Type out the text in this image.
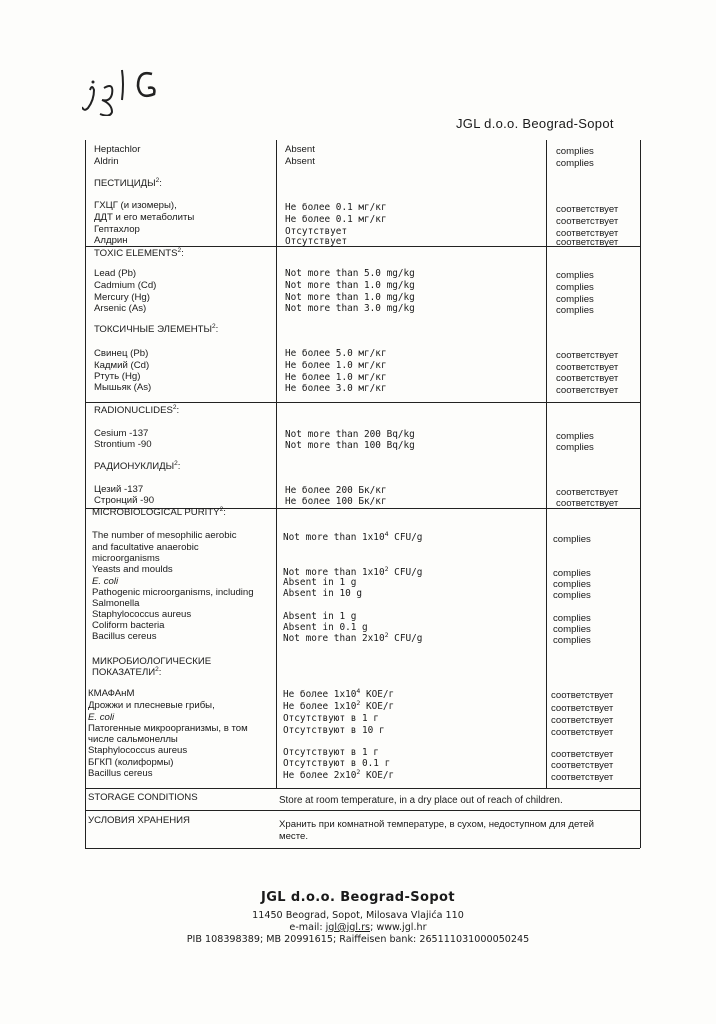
JGL d.o.o. Beograd-Sopot
Heptachlor	Absent	complies
Aldrin	Absent	complies
ПЕСТИЦИДЫ$^2$:
ГХЦГ (и изомеры),	Не более 0.1 мг/кг	соответствует
ДДТ и его метаболиты	Не более 0.1 мг/кг	соответствует
Гептахлор	Отсутствует	соответствует
Алдрин	Отсутствует	соответствует
TOXIC ELEMENTS$^2$:
Lead (Pb)	Not more than 5.0 mg/kg	complies
Cadmium (Cd)	Not more than 1.0 mg/kg	complies
Mercury (Hg)	Not more than 1.0 mg/kg	complies
Arsenic (As)	Not more than 3.0 mg/kg	complies
ТОКСИЧНЫЕ ЭЛЕМЕНТЫ$^2$:
Свинец (Pb)	Не более 5.0 мг/кг	соответствует
Кадмий (Cd)	Не более 1.0 мг/кг	соответствует
Ртуть (Hg)	Не более 1.0 мг/кг	соответствует
Мышьяк (As)	Не более 3.0 мг/кг	соответствует
RADIONUCLIDES$^2$:
Cesium -137	Not more than 200 Bq/kg	complies
Strontium -90	Not more than 100 Bq/kg	complies
РАДИОНУКЛИДЫ$^2$:
Цезий -137	Не более 200 Бк/кг	соответствует
Стронций -90	Не более 100 Бк/кг	соответствует
MICROBIOLOGICAL PURITY$^2$:
The number of mesophilic aerobic
and facultative anaerobic
microorganisms
Not more than $1x10^4$ CFU/g	complies
Yeasts and moulds	Not more than $1x10^2$ CFU/g	complies
E. coli	Absent in 1 g	complies
Pathogenic microorganisms, including
Salmonella
Absent in 10 g	complies
Staphylococcus aureus	Absent in 1 g	complies
Coliform bacteria	Absent in 0.1 g	complies
Bacillus cereus	Not more than $2x10^2$ CFU/g	complies
МИКРОБИОЛОГИЧЕСКИЕ
ПОКАЗАТЕЛИ$^2$:
КМАФАнМ	Не более $1x10^4$ КОЕ/г	соответствует
Дрожжи и плесневые грибы,	Не более $1x10^2$ КОЕ/г	соответствует
E. coli	Отсутствуют в 1 г	соответствует
Патогенные микроорганизмы, в том
числе сальмонеллы
Отсутствуют в 10 г	соответствует
Staphylococcus aureus	Отсутствуют в 1 г	соответствует
БГКП (колиформы)	Отсутствуют в 0.1 г	соответствует
Bacillus cereus	Не более $2x10^2$ КОЕ/г	соответствует
STORAGE CONDITIONS	Store at room temperature, in a dry place out of reach of children.
УСЛОВИЯ ХРАНЕНИЯ	Хранить при комнатной температуре, в сухом, недоступном для детей месте.
JGL d.o.o. Beograd-Sopot
11450 Beograd, Sopot, Milosava Vlajića 110
e-mail: jgl@jgl.rs; www.jgl.hr
PIB 108398389; MB 20991615; Raiffeisen bank: 265111031000050245
